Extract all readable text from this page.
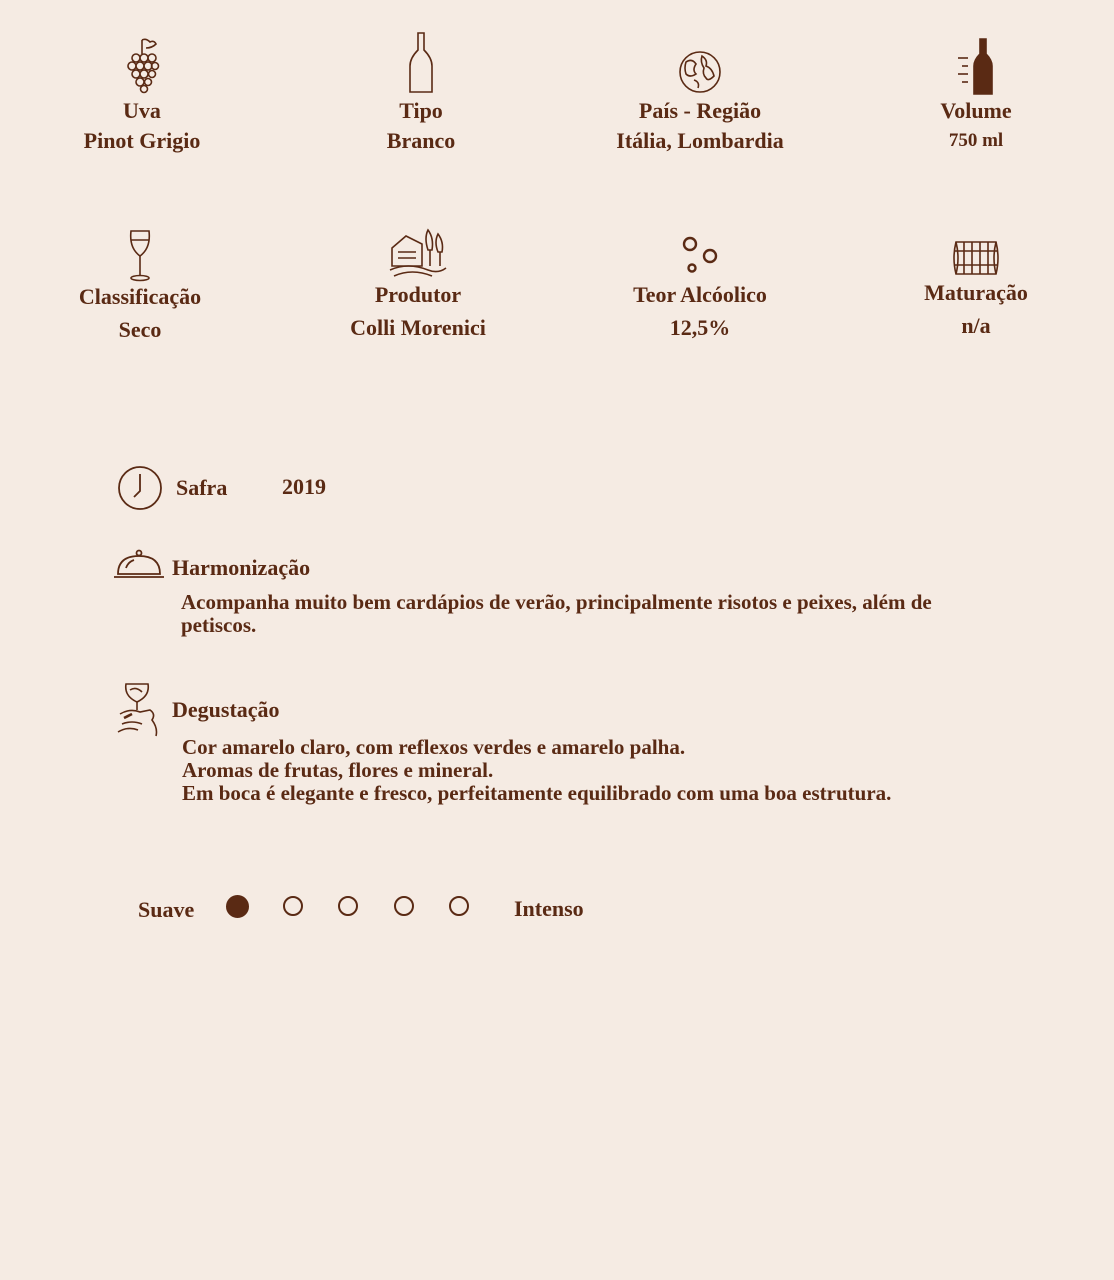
Uva
Pinot Grigio
Tipo
Branco
País - Região
Itália, Lombardia
Volume
750 ml
Classificação
Seco
Produtor
Colli Morenici
Teor Alcóolico
12,5%
Maturação
n/a
Safra 2019
Harmonização
Acompanha muito bem cardápios de verão, principalmente risotos e peixes, além de
petiscos.
Degustação
Cor amarelo claro, com reflexos verdes e amarelo palha.
Aromas de frutas, flores e mineral.
Em boca é elegante e fresco, perfeitamente equilibrado com uma boa estrutura.
Suave	Intenso
